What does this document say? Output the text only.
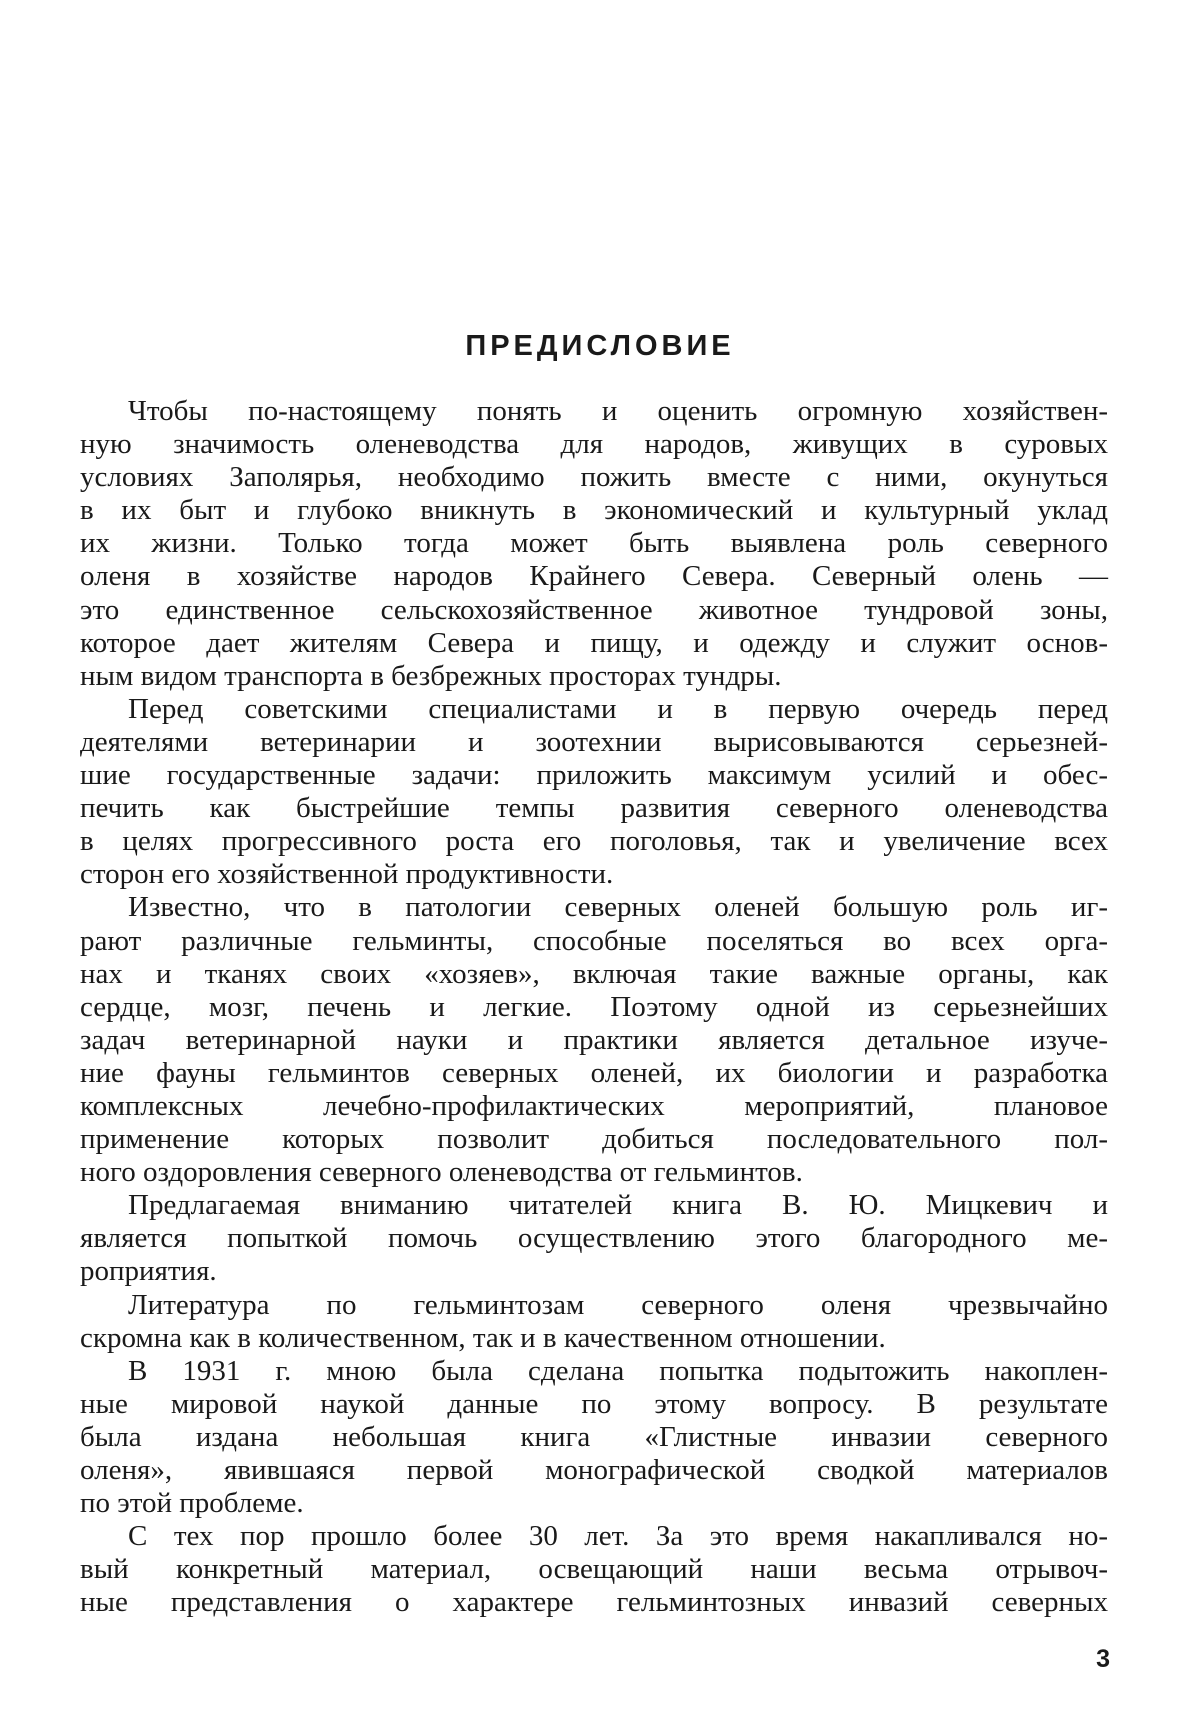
ПРЕДИСЛОВИЕ
Чтобы по-настоящему понять и оценить огромную хозяйствен-
ную значимость оленеводства для народов, живущих в суровых
условиях Заполярья, необходимо пожить вместе с ними, окунуться
в их быт и глубоко вникнуть в экономический и культурный уклад
их жизни. Только тогда может быть выявлена роль северного
оленя в хозяйстве народов Крайнего Севера. Северный олень —
это единственное сельскохозяйственное животное тундровой зоны,
которое дает жителям Севера и пищу, и одежду и служит основ-
ным видом транспорта в безбрежных просторах тундры.
Перед советскими специалистами и в первую очередь перед
деятелями ветеринарии и зоотехнии вырисовываются серьезней-
шие государственные задачи: приложить максимум усилий и обес-
печить как быстрейшие темпы развития северного оленеводства
в целях прогрессивного роста его поголовья, так и увеличение всех
сторон его хозяйственной продуктивности.
Известно, что в патологии северных оленей большую роль иг-
рают различные гельминты, способные поселяться во всех орга-
нах и тканях своих «хозяев», включая такие важные органы, как
сердце, мозг, печень и легкие. Поэтому одной из серьезнейших
задач ветеринарной науки и практики является детальное изуче-
ние фауны гельминтов северных оленей, их биологии и разработка
комплексных лечебно-профилактических мероприятий, плановое
применение которых позволит добиться последовательного пол-
ного оздоровления северного оленеводства от гельминтов.
Предлагаемая вниманию читателей книга В. Ю. Мицкевич и
является попыткой помочь осуществлению этого благородного ме-
роприятия.
Литература по гельминтозам северного оленя чрезвычайно
скромна как в количественном, так и в качественном отношении.
В 1931 г. мною была сделана попытка подытожить накоплен-
ные мировой наукой данные по этому вопросу. В результате
была издана небольшая книга «Глистные инвазии северного
оленя», явившаяся первой монографической сводкой материалов
по этой проблеме.
С тех пор прошло более 30 лет. За это время накапливался но-
вый конкретный материал, освещающий наши весьма отрывоч-
ные представления о характере гельминтозных инвазий северных
3
